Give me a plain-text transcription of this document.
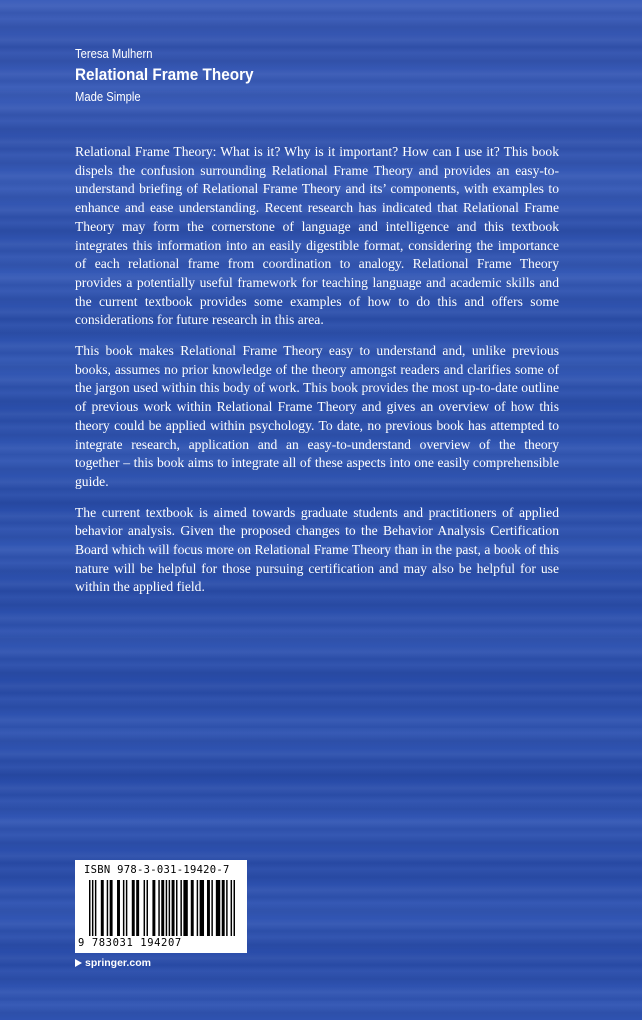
Teresa Mulhern

Relational Frame Theory

Made Simple

Relational Frame Theory: What is it? Why is it important? How can I use it? This book dispels the confusion surrounding Relational Frame Theory and provides an easy-to-understand briefing of Relational Frame Theory and its’ components, with examples to enhance and ease understanding. Recent research has indicated that Relational Frame Theory may form the cornerstone of language and intelligence and this textbook integrates this information into an easily digestible format, considering the importance of each relational frame from coordination to analogy. Relational Frame Theory provides a potentially useful framework for teaching language and academic skills and the current textbook provides some examples of how to do this and offers some considerations for future research in this area.

This book makes Relational Frame Theory easy to understand and, unlike previous books, assumes no prior knowledge of the theory amongst readers and clarifies some of the jargon used within this body of work. This book provides the most up-to-date outline of previous work within Relational Frame Theory and gives an overview of how this theory could be applied within psychology. To date, no previous book has attempted to integrate research, application and an easy-to-understand overview of the theory together – this book aims to integrate all of these aspects into one easily comprehensible guide.

The current textbook is aimed towards graduate students and practitioners of applied behavior analysis. Given the proposed changes to the Behavior Analysis Certification Board which will focus more on Relational Frame Theory than in the past, a book of this nature will be helpful for those pursuing certification and may also be helpful for use within the applied field.

ISBN 978-3-031-19420-7
9 783031 194207
springer.com
